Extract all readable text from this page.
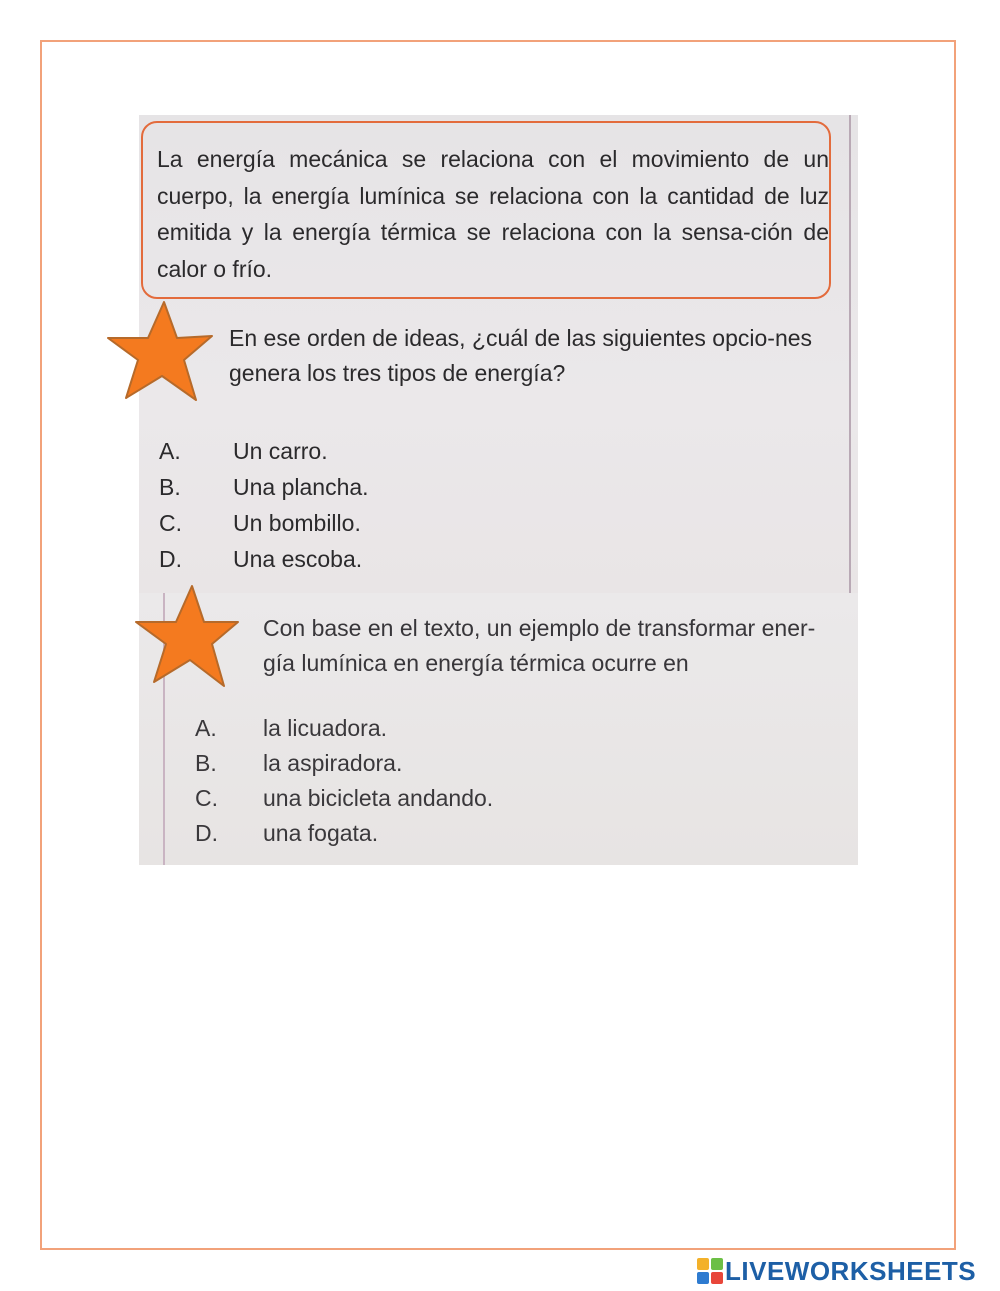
La energía mecánica se relaciona con el movimiento de un cuerpo, la energía lumínica se relaciona con la cantidad de luz emitida y la energía térmica se relaciona con la sensa-ción de calor o frío.
En ese orden de ideas, ¿cuál de las siguientes opcio-nes genera los tres tipos de energía?
A.	Un carro.
B.	Una plancha.
C.	Un bombillo.
D.	Una escoba.
Con base en el texto, un ejemplo de transformar ener-gía lumínica en energía térmica ocurre en
A.	la licuadora.
B.	la aspiradora.
C.	una bicicleta andando.
D.	una fogata.
LIVEWORKSHEETS
